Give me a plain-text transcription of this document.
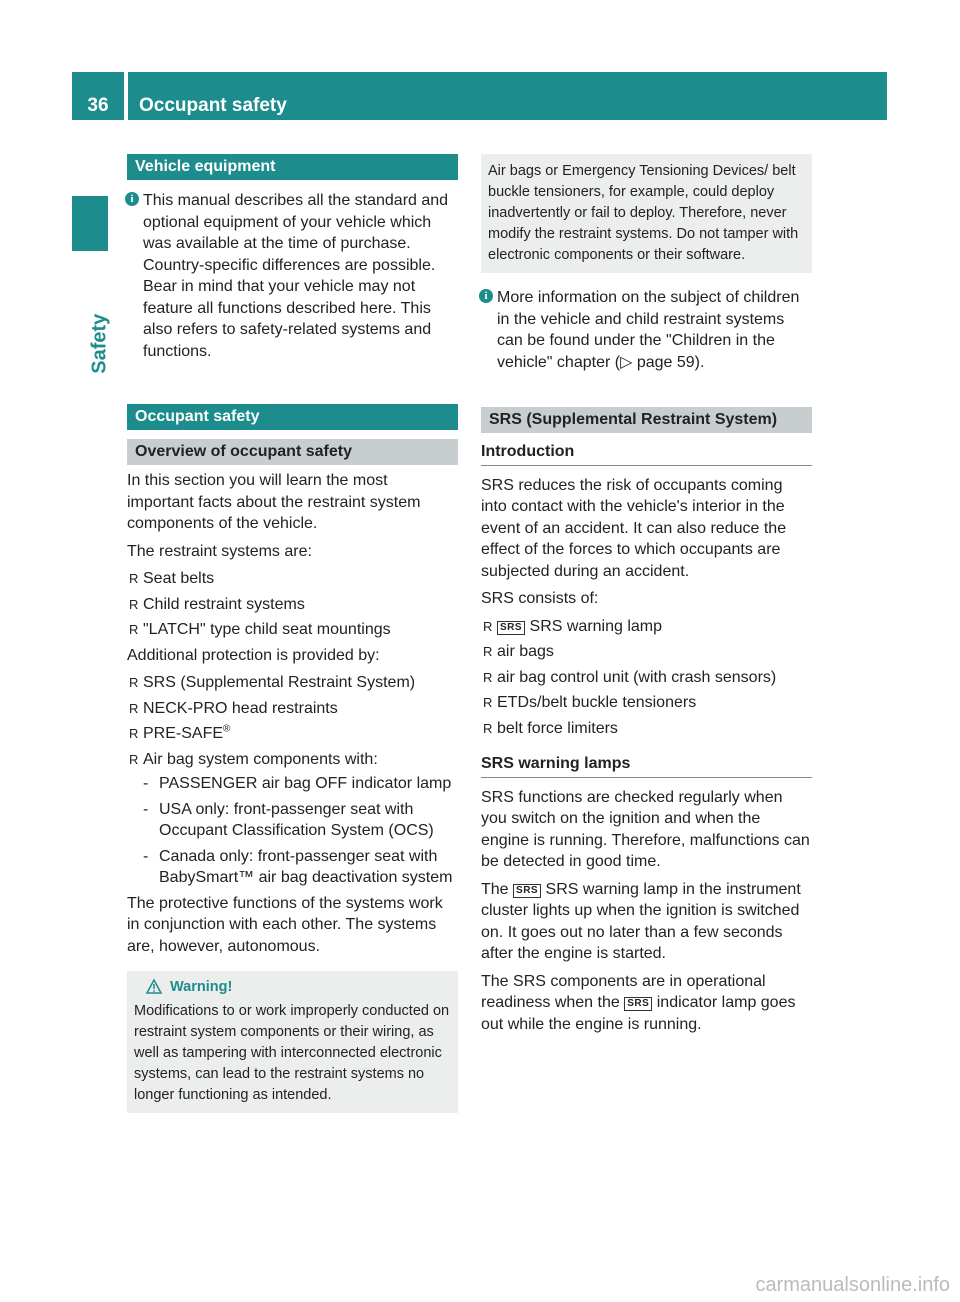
36	Occupant safety
Safety
Vehicle equipment
i This manual describes all the standard and optional equipment of your vehicle which was available at the time of purchase. Country-specific differences are possible. Bear in mind that your vehicle may not feature all functions described here. This also refers to safety-related systems and functions.
Occupant safety
Overview of occupant safety

In this section you will learn the most important facts about the restraint system components of the vehicle.

The restraint systems are:

R Seat belts
R Child restraint systems
R "LATCH" type child seat mountings

Additional protection is provided by:

R SRS (Supplemental Restraint System)
R NECK-PRO head restraints
R PRE-SAFE®
R Air bag system components with:
- PASSENGER air bag OFF indicator lamp
- USA only: front-passenger seat with Occupant Classification System (OCS)
- Canada only: front-passenger seat with BabySmart™ air bag deactivation system

The protective functions of the systems work in conjunction with each other. The systems are, however, autonomous.

Warning!
Modifications to or work improperly conducted on restraint system components or their wiring, as well as tampering with interconnected electronic systems, can lead to the restraint systems no longer functioning as intended.
Air bags or Emergency Tensioning Devices/ belt buckle tensioners, for example, could deploy inadvertently or fail to deploy. Therefore, never modify the restraint systems. Do not tamper with electronic components or their software.
i More information on the subject of children in the vehicle and child restraint systems can be found under the "Children in the vehicle" chapter (▷ page 59).
SRS (Supplemental Restraint System)
Introduction

SRS reduces the risk of occupants coming into contact with the vehicle's interior in the event of an accident. It can also reduce the effect of the forces to which occupants are subjected during an accident.

SRS consists of:

R SRS SRS warning lamp
R air bags
R air bag control unit (with crash sensors)
R ETDs/belt buckle tensioners
R belt force limiters
SRS warning lamps

SRS functions are checked regularly when you switch on the ignition and when the engine is running. Therefore, malfunctions can be detected in good time.

The SRS SRS warning lamp in the instrument cluster lights up when the ignition is switched on. It goes out no later than a few seconds after the engine is started.

The SRS components are in operational readiness when the SRS indicator lamp goes out while the engine is running.

carmanualsonline.info
